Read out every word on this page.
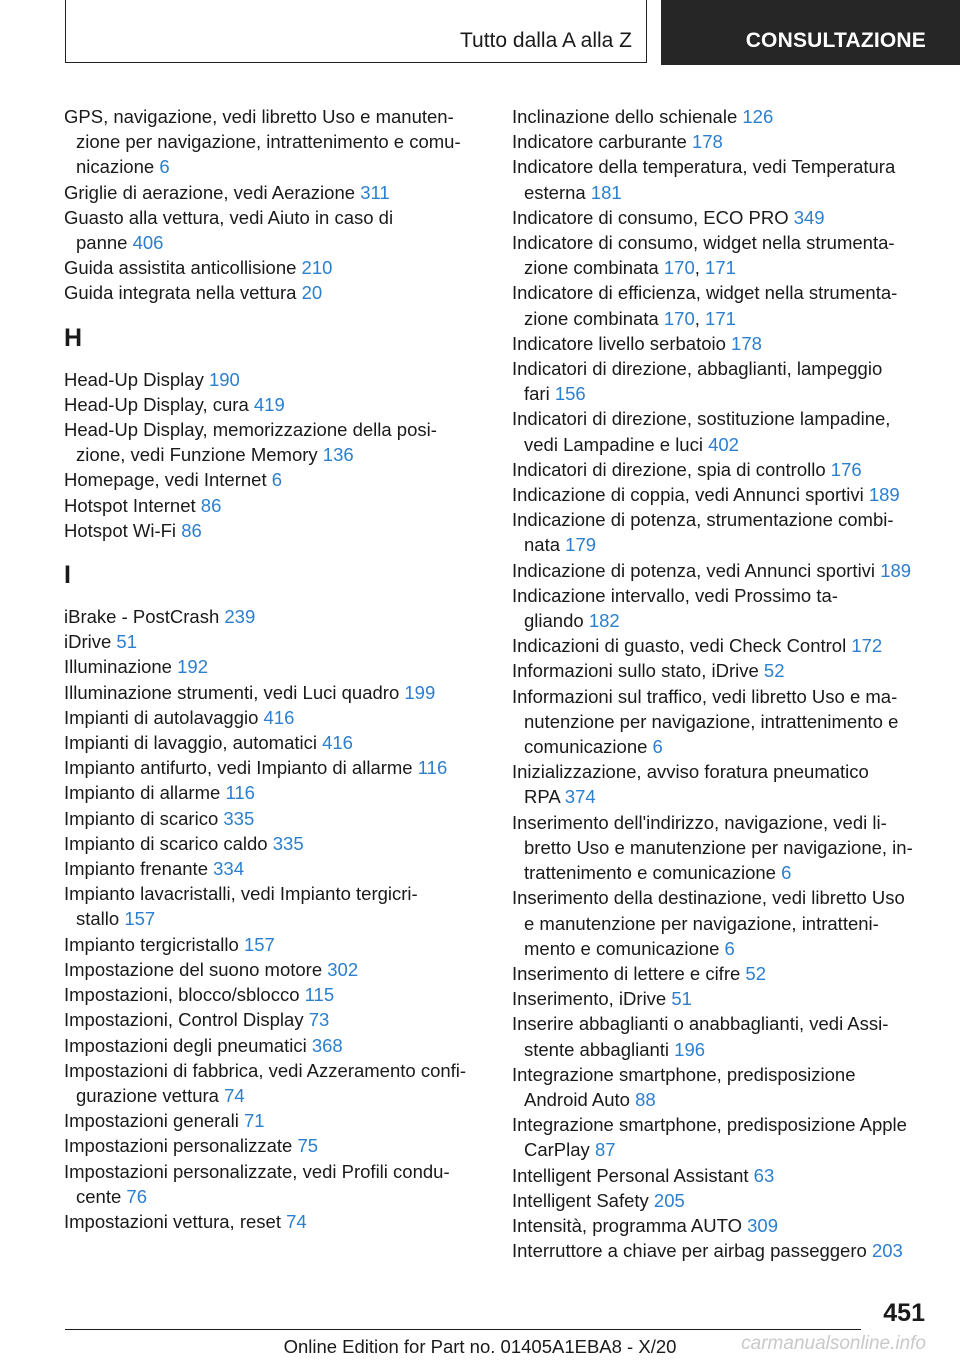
Tutto dalla A alla Z	CONSULTAZIONE
GPS, navigazione, vedi libretto Uso e manuten-
zione per navigazione, intrattenimento e comu-
nicazione 6
Griglie di aerazione, vedi Aerazione 311
Guasto alla vettura, vedi Aiuto in caso di
panne 406
Guida assistita anticollisione 210
Guida integrata nella vettura 20
H
Head-Up Display 190
Head-Up Display, cura 419
Head-Up Display, memorizzazione della posi-
zione, vedi Funzione Memory 136
Homepage, vedi Internet 6
Hotspot Internet 86
Hotspot Wi-Fi 86
I
iBrake - PostCrash 239
iDrive 51
Illuminazione 192
Illuminazione strumenti, vedi Luci quadro 199
Impianti di autolavaggio 416
Impianti di lavaggio, automatici 416
Impianto antifurto, vedi Impianto di allarme 116
Impianto di allarme 116
Impianto di scarico 335
Impianto di scarico caldo 335
Impianto frenante 334
Impianto lavacristalli, vedi Impianto tergicri-
stallo 157
Impianto tergicristallo 157
Impostazione del suono motore 302
Impostazioni, blocco/sblocco 115
Impostazioni, Control Display 73
Impostazioni degli pneumatici 368
Impostazioni di fabbrica, vedi Azzeramento confi-
gurazione vettura 74
Impostazioni generali 71
Impostazioni personalizzate 75
Impostazioni personalizzate, vedi Profili condu-
cente 76
Impostazioni vettura, reset 74
Inclinazione dello schienale 126
Indicatore carburante 178
Indicatore della temperatura, vedi Temperatura
esterna 181
Indicatore di consumo, ECO PRO 349
Indicatore di consumo, widget nella strumenta-
zione combinata 170, 171
Indicatore di efficienza, widget nella strumenta-
zione combinata 170, 171
Indicatore livello serbatoio 178
Indicatori di direzione, abbaglianti, lampeggio
fari 156
Indicatori di direzione, sostituzione lampadine,
vedi Lampadine e luci 402
Indicatori di direzione, spia di controllo 176
Indicazione di coppia, vedi Annunci sportivi 189
Indicazione di potenza, strumentazione combi-
nata 179
Indicazione di potenza, vedi Annunci sportivi 189
Indicazione intervallo, vedi Prossimo ta-
gliando 182
Indicazioni di guasto, vedi Check Control 172
Informazioni sullo stato, iDrive 52
Informazioni sul traffico, vedi libretto Uso e ma-
nutenzione per navigazione, intrattenimento e
comunicazione 6
Inizializzazione, avviso foratura pneumatico
RPA 374
Inserimento dell'indirizzo, navigazione, vedi li-
bretto Uso e manutenzione per navigazione, in-
trattenimento e comunicazione 6
Inserimento della destinazione, vedi libretto Uso
e manutenzione per navigazione, intratteni-
mento e comunicazione 6
Inserimento di lettere e cifre 52
Inserimento, iDrive 51
Inserire abbaglianti o anabbaglianti, vedi Assi-
stente abbaglianti 196
Integrazione smartphone, predisposizione
Android Auto 88
Integrazione smartphone, predisposizione Apple
CarPlay 87
Intelligent Personal Assistant 63
Intelligent Safety 205
Intensità, programma AUTO 309
Interruttore a chiave per airbag passeggero 203
451
Online Edition for Part no. 01405A1EBA8 - X/20	carmanualsonline.info
